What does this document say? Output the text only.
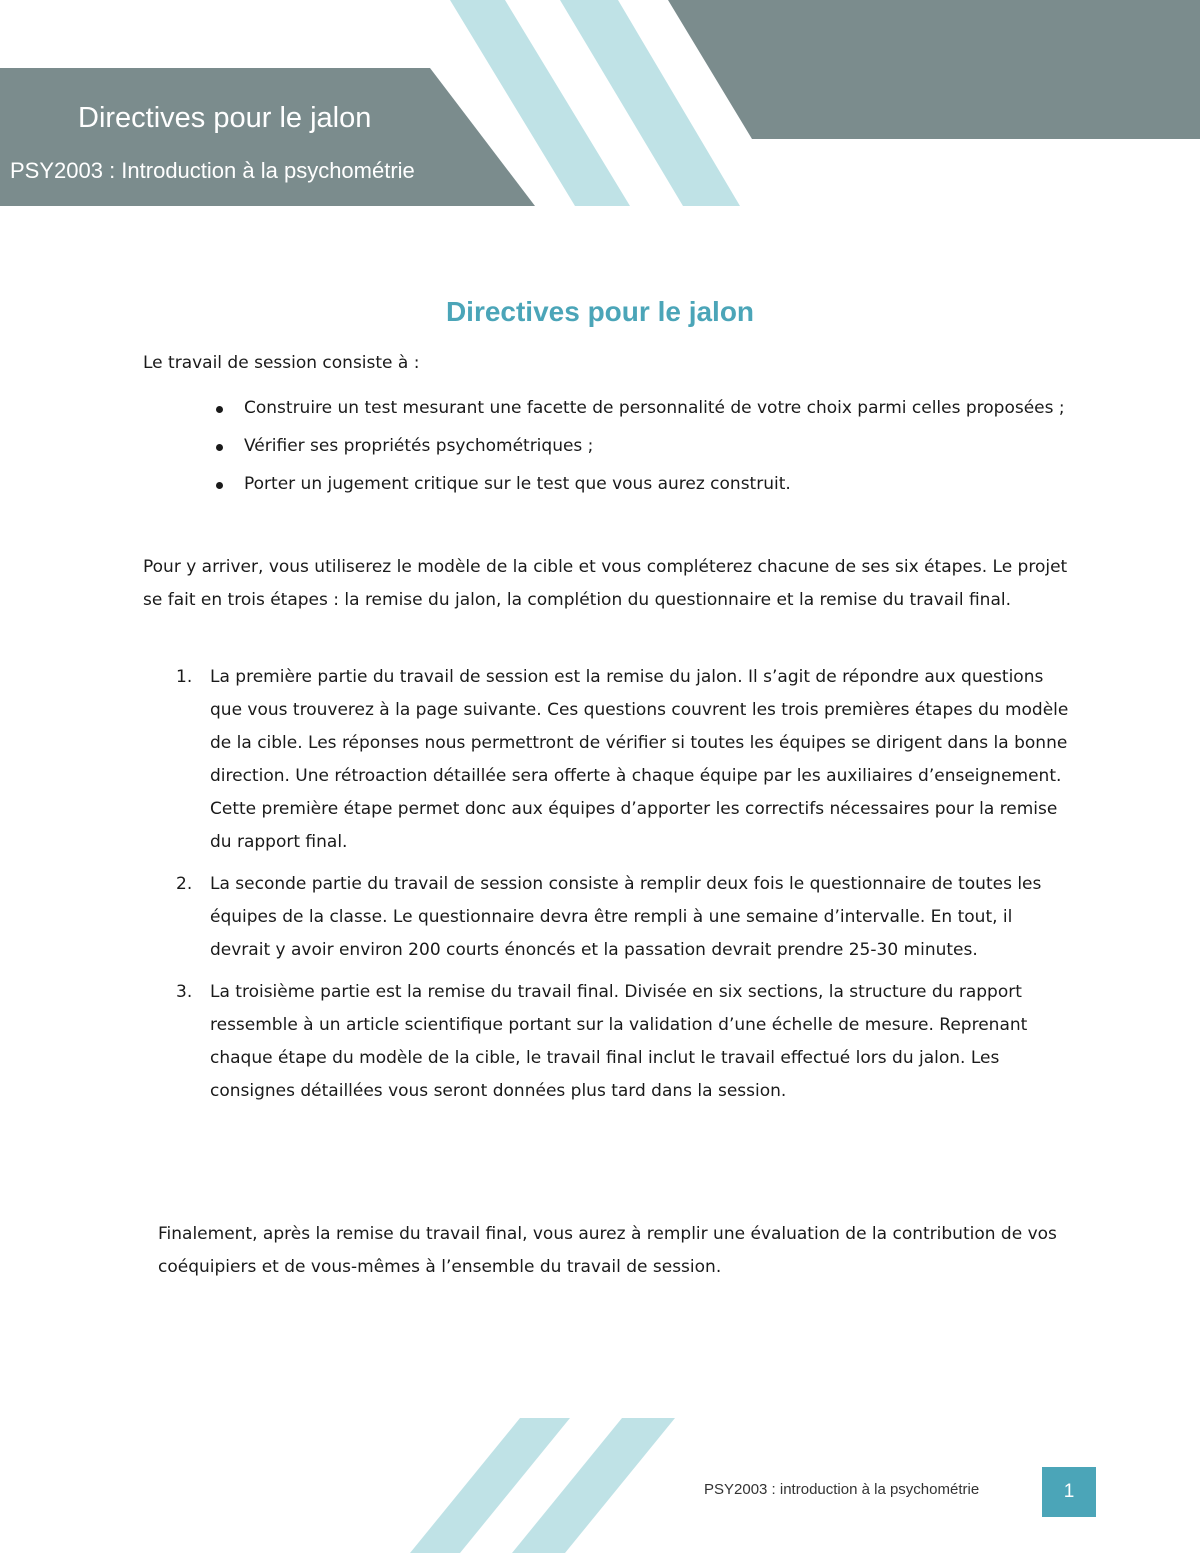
Directives pour le jalon
PSY2003 : Introduction à la psychométrie
Directives pour le jalon
Le travail de session consiste à :
Construire un test mesurant une facette de personnalité de votre choix parmi celles proposées ;
Vérifier ses propriétés psychométriques ;
Porter un jugement critique sur le test que vous aurez construit.
Pour y arriver, vous utiliserez le modèle de la cible et vous compléterez chacune de ses six étapes. Le projet se fait en trois étapes : la remise du jalon, la complétion du questionnaire et la remise du travail final.
1. La première partie du travail de session est la remise du jalon. Il s’agit de répondre aux questions que vous trouverez à la page suivante. Ces questions couvrent les trois premières étapes du modèle de la cible. Les réponses nous permettront de vérifier si toutes les équipes se dirigent dans la bonne direction. Une rétroaction détaillée sera offerte à chaque équipe par les auxiliaires d’enseignement. Cette première étape permet donc aux équipes d’apporter les correctifs nécessaires pour la remise du rapport final.
2. La seconde partie du travail de session consiste à remplir deux fois le questionnaire de toutes les équipes de la classe. Le questionnaire devra être rempli à une semaine d’intervalle. En tout, il devrait y avoir environ 200 courts énoncés et la passation devrait prendre 25-30 minutes.
3. La troisième partie est la remise du travail final. Divisée en six sections, la structure du rapport ressemble à un article scientifique portant sur la validation d’une échelle de mesure. Reprenant chaque étape du modèle de la cible, le travail final inclut le travail effectué lors du jalon. Les consignes détaillées vous seront données plus tard dans la session.
Finalement, après la remise du travail final, vous aurez à remplir une évaluation de la contribution de vos coéquipiers et de vous-mêmes à l’ensemble du travail de session.
PSY2003 : introduction à la psychométrie	1
